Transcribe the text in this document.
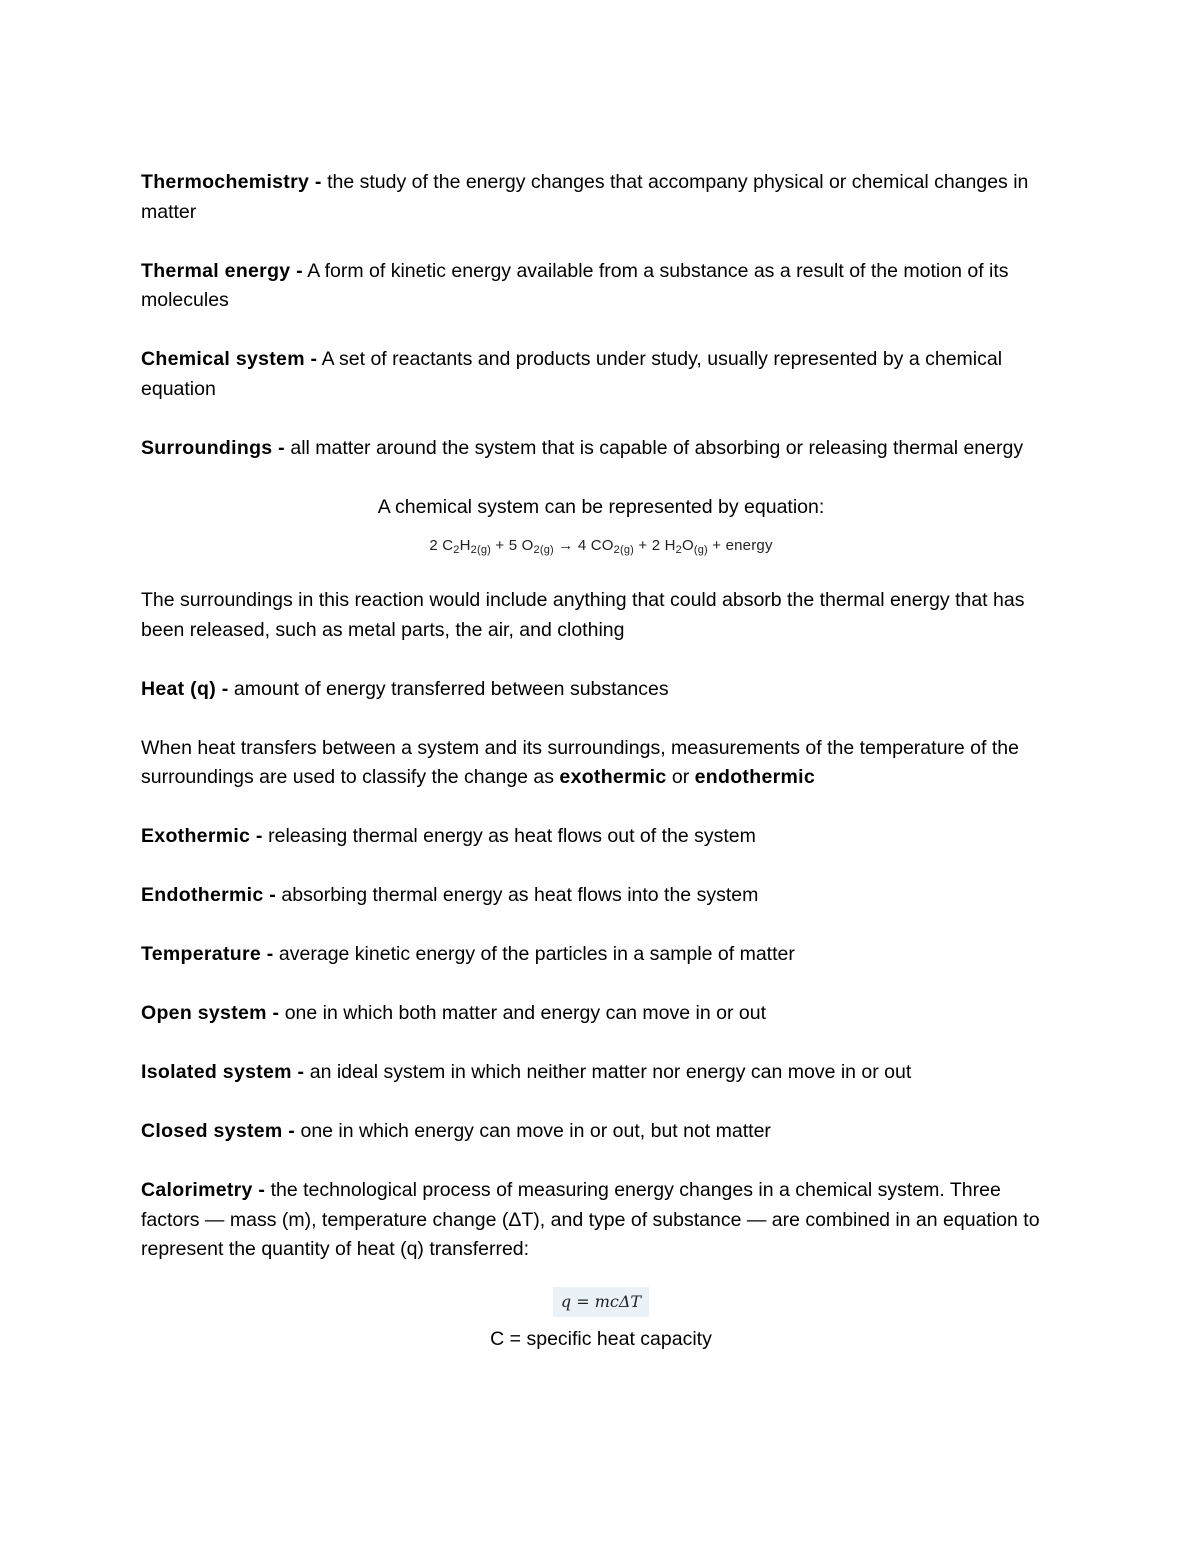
Thermochemistry - the study of the energy changes that accompany physical or chemical changes in matter

Thermal energy - A form of kinetic energy available from a substance as a result of the motion of its molecules

Chemical system - A set of reactants and products under study, usually represented by a chemical equation

Surroundings - all matter around the system that is capable of absorbing or releasing thermal energy

A chemical system can be represented by equation:

2 $C_2H_{2(g)} + 5$ $O_{2(g)} \to 4$ $CO_{2(g)} + 2$ $H_2O_{(g)}$ + energy

The surroundings in this reaction would include anything that could absorb the thermal energy that has been released, such as metal parts, the air, and clothing

Heat (q) - amount of energy transferred between substances

When heat transfers between a system and its surroundings, measurements of the temperature of the surroundings are used to classify the change as exothermic or endothermic

Exothermic - releasing thermal energy as heat flows out of the system

Endothermic - absorbing thermal energy as heat flows into the system

Temperature - average kinetic energy of the particles in a sample of matter

Open system - one in which both matter and energy can move in or out

Isolated system - an ideal system in which neither matter nor energy can move in or out

Closed system - one in which energy can move in or out, but not matter

Calorimetry - the technological process of measuring energy changes in a chemical system. Three factors — mass (m), temperature change (ΔT), and type of substance — are combined in an equation to represent the quantity of heat (q) transferred:

q = mcΔT

C = specific heat capacity
